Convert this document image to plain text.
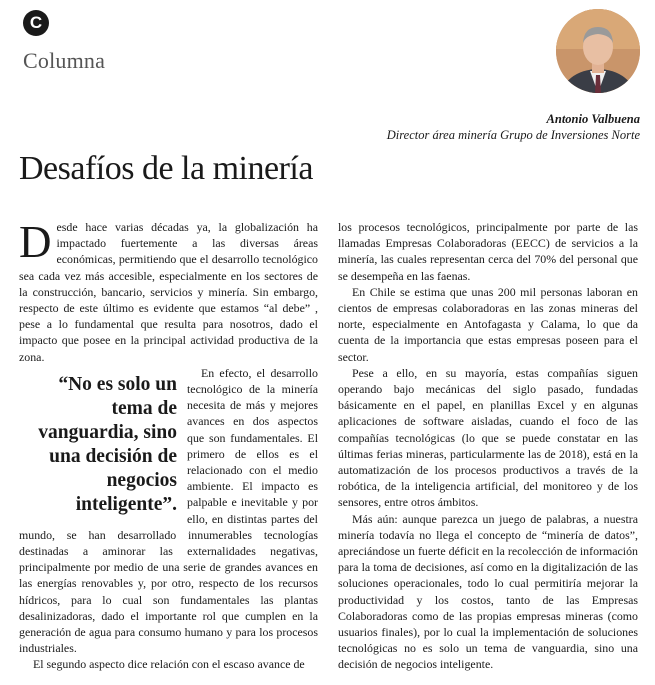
C
Columna
Antonio Valbuena
Director área minería Grupo de Inversiones Norte
Desafíos de la minería

Desde hace varias décadas ya, la globalización ha impactado fuertemente a las diversas áreas económicas, permitiendo que el desarrollo tecnológico sea cada vez más accesible, especialmente en los sectores de la construcción, bancario, servicios y minería. Sin embargo, respecto de este último es evidente que estamos “al debe” , pese a lo fundamental que resulta para nosotros, dado el impacto que posee en la principal actividad productiva de la zona.

“No es solo un tema de vanguardia, sino una decisión de negocios inteligente”.

En efecto, el desarrollo tecnológico de la minería necesita de más y mejores avances en dos aspectos que son fundamentales. El primero de ellos es el relacionado con el medio ambiente. El impacto es palpable e inevitable y por ello, en distintas partes del mundo, se han desarrollado innumerables tecnologías destinadas a aminorar las externalidades negativas, principalmente por medio de una serie de grandes avances en las energías renovables y, por otro, respecto de los recursos hídricos, para lo cual son fundamentales las plantas desalinizadoras, dado el importante rol que cumplen en la generación de agua para consumo humano y para los procesos industriales.

El segundo aspecto dice relación con el escaso avance de

los procesos tecnológicos, principalmente por parte de las llamadas Empresas Colaboradoras (EECC) de servicios a la minería, las cuales representan cerca del 70% del personal que se desempeña en las faenas.

En Chile se estima que unas 200 mil personas laboran en cientos de empresas colaboradoras en las zonas mineras del norte, especialmente en Antofagasta y Calama, lo que da cuenta de la importancia que estas empresas poseen para el sector.

Pese a ello, en su mayoría, estas compañías siguen operando bajo mecánicas del siglo pasado, fundadas básicamente en el papel, en planillas Excel y en algunas aplicaciones de software aisladas, cuando el foco de las compañías tecnológicas (lo que se puede constatar en las últimas ferias mineras, particularmente las de 2018), está en la automatización de los procesos productivos a través de la robótica, de la inteligencia artificial, del monitoreo y de los sensores, entre otros ámbitos.

Más aún: aunque parezca un juego de palabras, a nuestra minería todavía no llega el concepto de “minería de datos”, apreciándose un fuerte déficit en la recolección de información para la toma de decisiones, así como en la digitalización de las soluciones operacionales, todo lo cual permitiría mejorar la productividad y los costos, tanto de las Empresas Colaboradoras como de las propias empresas mineras (como usuarios finales), por lo cual la implementación de soluciones tecnológicas no es solo un tema de vanguardia, sino una decisión de negocios inteligente.
